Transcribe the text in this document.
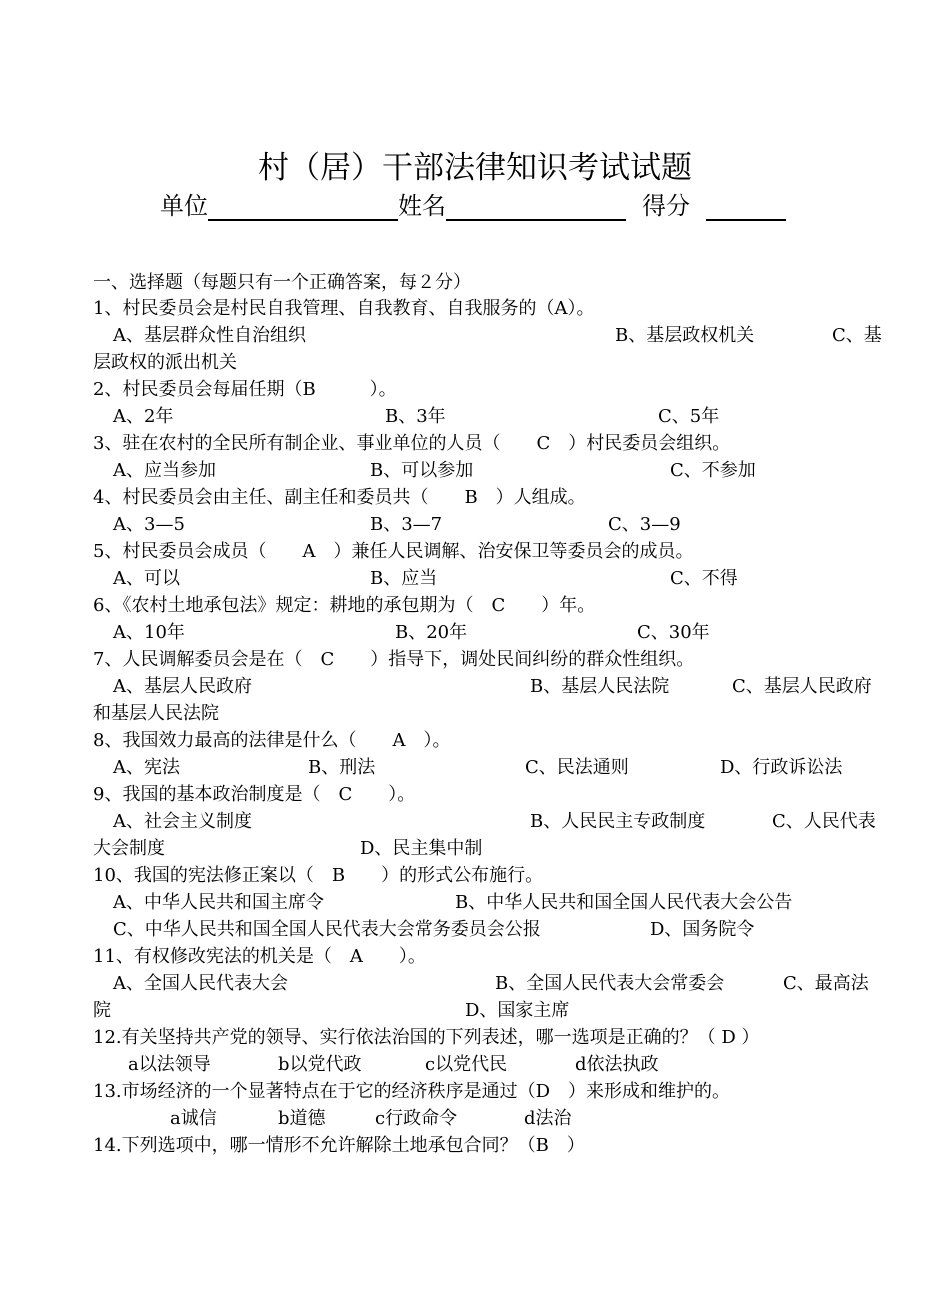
村（居）干部法律知识考试试题
单位	姓名	得分
一、选择题（每题只有一个正确答案，每２分）
1、村民委员会是村民自我管理、自我教育、自我服务的（A）。
A、基层群众性自治组织	B、基层政权机关	C、基
层政权的派出机关
2、村民委员会每届任期（B　　　）。
A、2年	B、3年	C、5年
3、驻在农村的全民所有制企业、事业单位的人员（　　C　）村民委员会组织。
A、应当参加	B、可以参加	C、不参加
4、村民委员会由主任、副主任和委员共（　　B　）人组成。
A、3—5	B、3—7	C、3—9
5、村民委员会成员（　　A　）兼任人民调解、治安保卫等委员会的成员。
A、可以	B、应当	C、不得
6、《农村土地承包法》规定：耕地的承包期为（　C　　）年。
A、10年	B、20年	C、30年
7、人民调解委员会是在（　C　　）指导下，调处民间纠纷的群众性组织。
A、基层人民政府	B、基层人民法院	C、基层人民政府
和基层人民法院
8、我国效力最高的法律是什么（　　A　）。
A、宪法	B、刑法	C、民法通则	D、行政诉讼法
9、我国的基本政治制度是（　C　　）。
A、社会主义制度	B、人民民主专政制度	C、人民代表
大会制度	D、民主集中制
10、我国的宪法修正案以（　B　　）的形式公布施行。
A、中华人民共和国主席令	B、中华人民共和国全国人民代表大会公告
C、中华人民共和国全国人民代表大会常务委员会公报	D、国务院令
11、有权修改宪法的机关是（　A　　）。
A、全国人民代表大会	B、全国人民代表大会常委会	C、最高法
院	D、国家主席
12.有关坚持共产党的领导、实行依法治国的下列表述，哪一选项是正确的？（ D ）
a以法领导	b以党代政	c以党代民	d依法执政
13.市场经济的一个显著特点在于它的经济秩序是通过（D　）来形成和维护的。
a诚信	b道德	c行政命令	d法治
14.下列选项中，哪一情形不允许解除土地承包合同？（B　）
